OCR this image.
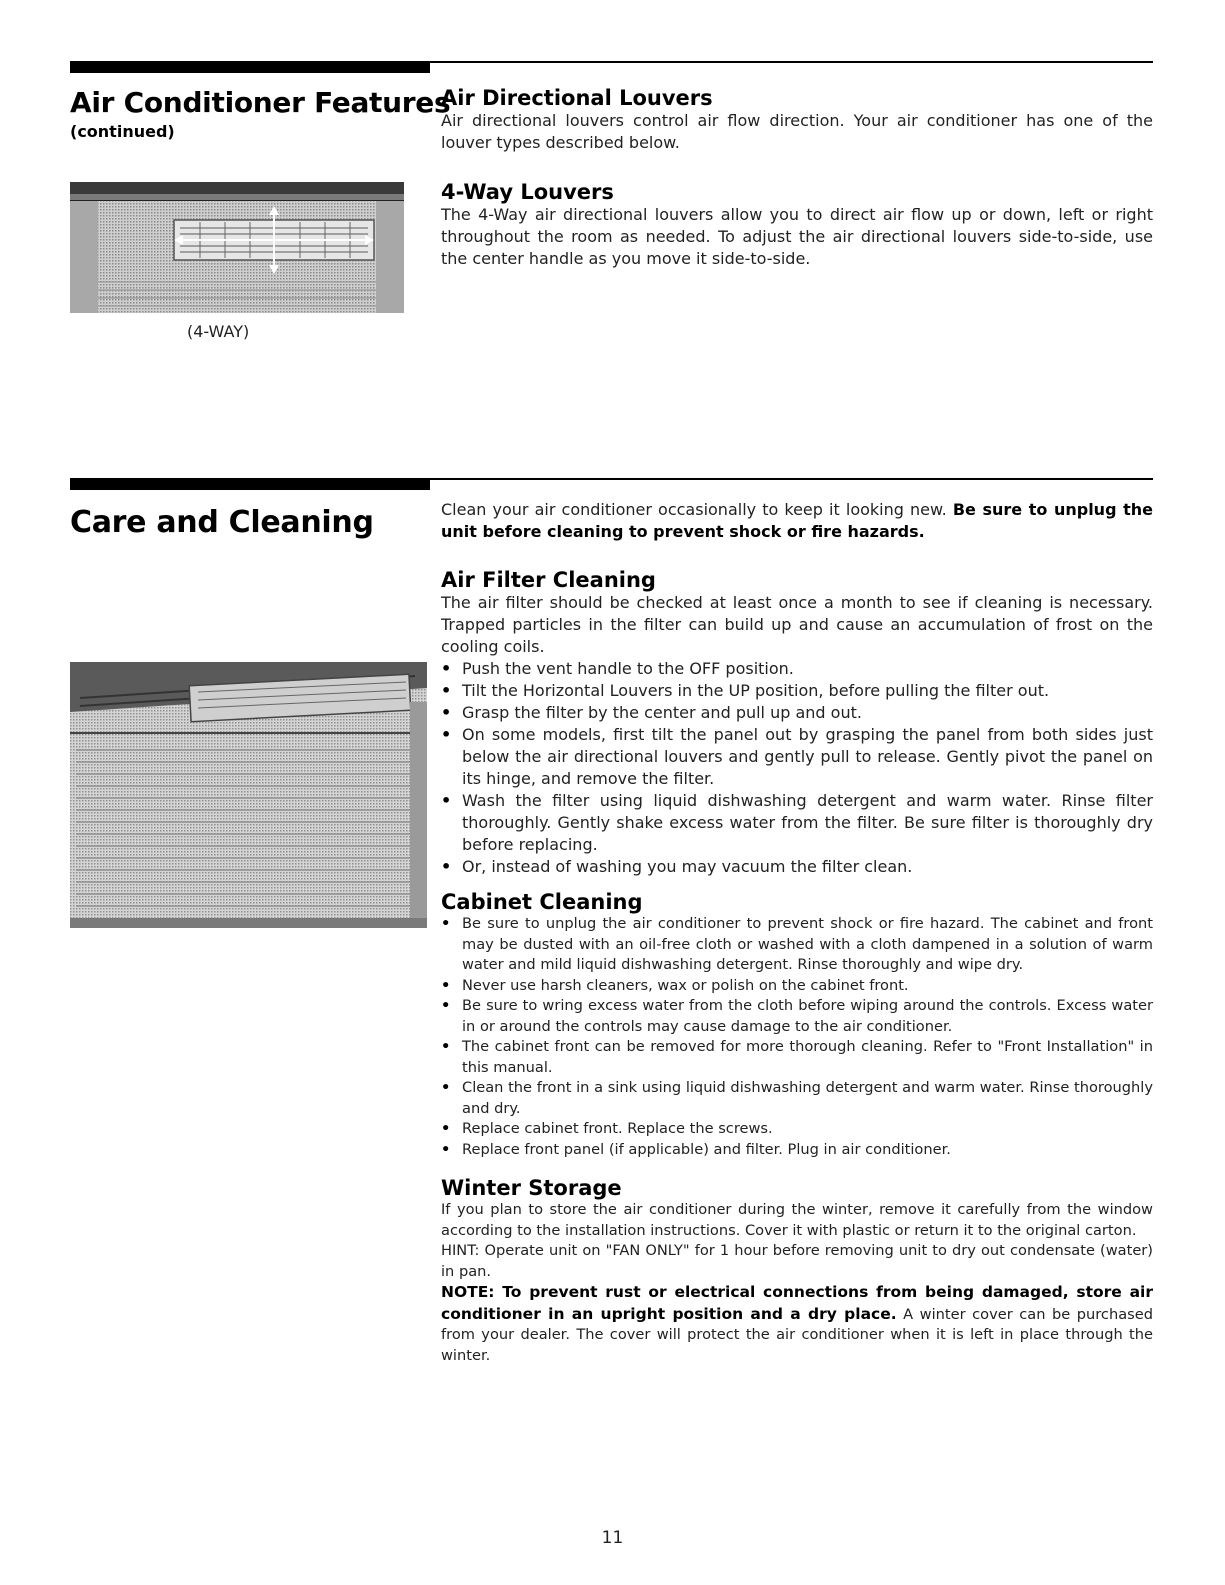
Air Conditioner Features
(continued)
(4-WAY)
Air Directional Louvers

Air directional louvers control air flow direction. Your air conditioner has one of the louver types described below.

4-Way Louvers

The 4-Way air directional louvers allow you to direct air flow up or down, left or right throughout the room as needed. To adjust the air directional louvers side-to-side, use the center handle as you move it side-to-side.

Care and Cleaning	Clean your air conditioner occasionally to keep it looking new. Be sure to unplug the unit before cleaning to prevent shock or fire hazards.

Air Filter Cleaning

The air filter should be checked at least once a month to see if cleaning is necessary. Trapped particles in the filter can build up and cause an accumulation of frost on the cooling coils.

• Push the vent handle to the OFF position.
• Tilt the Horizontal Louvers in the UP position, before pulling the filter out.
• Grasp the filter by the center and pull up and out.
• On some models, first tilt the panel out by grasping the panel from both sides just below the air directional louvers and gently pull to release. Gently pivot the panel on its hinge, and remove the filter.
• Wash the filter using liquid dishwashing detergent and warm water. Rinse filter thoroughly. Gently shake excess water from the filter. Be sure filter is thoroughly dry before replacing.
• Or, instead of washing you may vacuum the filter clean.
Cabinet Cleaning
• Be sure to unplug the air conditioner to prevent shock or fire hazard. The cabinet and front may be dusted with an oil-free cloth or washed with a cloth dampened in a solution of warm water and mild liquid dishwashing detergent. Rinse thoroughly and wipe dry.
• Never use harsh cleaners, wax or polish on the cabinet front.
• Be sure to wring excess water from the cloth before wiping around the controls. Excess water in or around the controls may cause damage to the air conditioner.
• The cabinet front can be removed for more thorough cleaning. Refer to "Front Installation" in this manual.
• Clean the front in a sink using liquid dishwashing detergent and warm water. Rinse thoroughly and dry.
• Replace cabinet front. Replace the screws.
• Replace front panel (if applicable) and filter. Plug in air conditioner.
Winter Storage

If you plan to store the air conditioner during the winter, remove it carefully from the window according to the installation instructions. Cover it with plastic or return it to the original carton.

HINT: Operate unit on "FAN ONLY" for 1 hour before removing unit to dry out condensate (water) in pan.

NOTE: To prevent rust or electrical connections from being damaged, store air conditioner in an upright position and a dry place. A winter cover can be purchased from your dealer. The cover will protect the air conditioner when it is left in place through the winter.

11
